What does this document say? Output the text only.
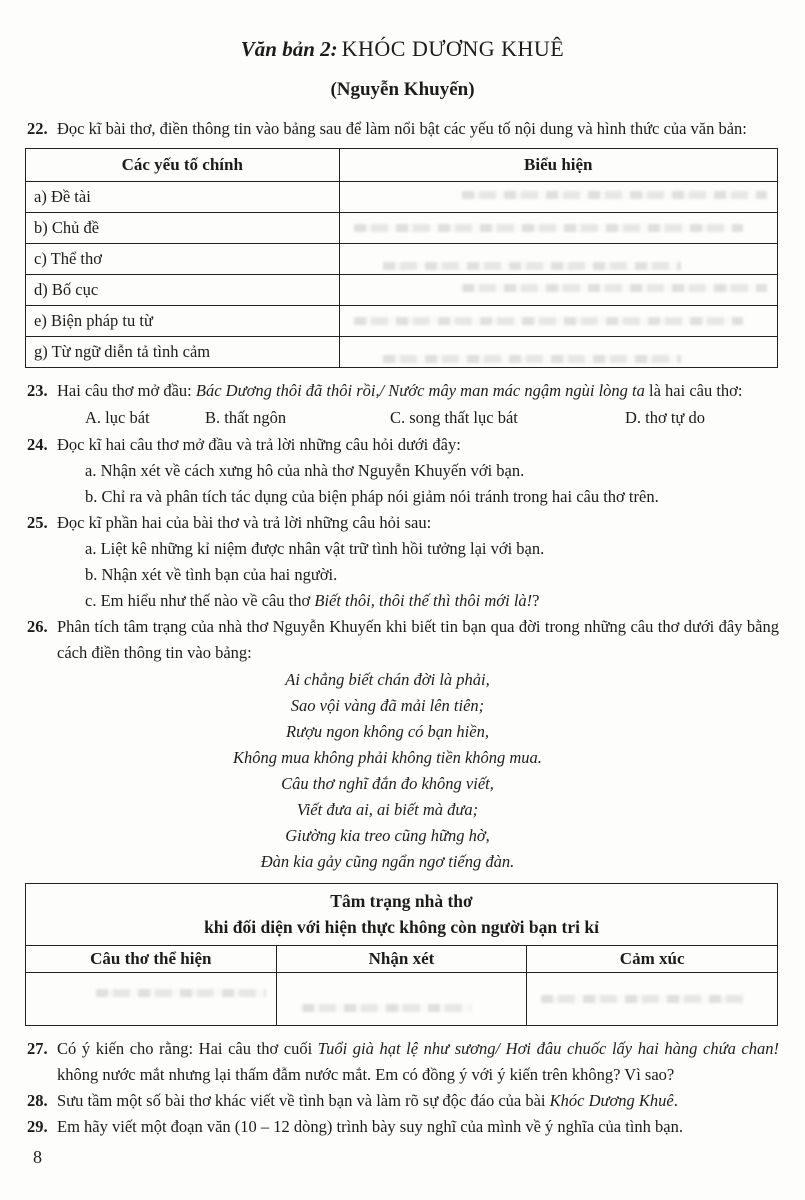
Văn bản 2: KHÓC DƯƠNG KHUÊ
(Nguyễn Khuyến)
22. Đọc kĩ bài thơ, điền thông tin vào bảng sau để làm nổi bật các yếu tố nội dung và hình thức của văn bản:
Các yếu tố chính	Biểu hiện
a) Đề tài	
b) Chủ đề	
c) Thể thơ	
d) Bố cục	
e) Biện pháp tu từ	
g) Từ ngữ diễn tả tình cảm	
23. Hai câu thơ mở đầu: Bác Dương thôi đã thôi rồi,/ Nước mây man mác ngậm ngùi lòng ta là hai câu thơ:
A. lục bát	B. thất ngôn	C. song thất lục bát	D. thơ tự do
24. Đọc kĩ hai câu thơ mở đầu và trả lời những câu hỏi dưới đây:
a. Nhận xét về cách xưng hô của nhà thơ Nguyễn Khuyến với bạn.
b. Chỉ ra và phân tích tác dụng của biện pháp nói giảm nói tránh trong hai câu thơ trên.
25. Đọc kĩ phần hai của bài thơ và trả lời những câu hỏi sau:
a. Liệt kê những kỉ niệm được nhân vật trữ tình hồi tưởng lại với bạn.
b. Nhận xét về tình bạn của hai người.
c. Em hiểu như thế nào về câu thơ Biết thôi, thôi thế thì thôi mới là!?
26. Phân tích tâm trạng của nhà thơ Nguyễn Khuyến khi biết tin bạn qua đời trong những câu thơ dưới đây bằng cách điền thông tin vào bảng:
Ai chẳng biết chán đời là phải,
Sao vội vàng đã mải lên tiên;
Rượu ngon không có bạn hiền,
Không mua không phải không tiền không mua.
Câu thơ nghĩ đắn đo không viết,
Viết đưa ai, ai biết mà đưa;
Giường kia treo cũng hững hờ,
Đàn kia gảy cũng ngẩn ngơ tiếng đàn.
Tâm trạng nhà thơ
khi đối diện với hiện thực không còn người bạn tri kỉ		

Câu thơ thể hiện	Nhận xét	Cảm xúc

27. Có ý kiến cho rằng: Hai câu thơ cuối Tuổi già hạt lệ như sương/ Hơi đâu chuốc lấy hai hàng chứa chan! không nước mắt nhưng lại thấm đẫm nước mắt. Em có đồng ý với ý kiến trên không? Vì sao?
28. Sưu tầm một số bài thơ khác viết về tình bạn và làm rõ sự độc đáo của bài Khóc Dương Khuê.
29. Em hãy viết một đoạn văn (10 – 12 dòng) trình bày suy nghĩ của mình về ý nghĩa của tình bạn.
8
